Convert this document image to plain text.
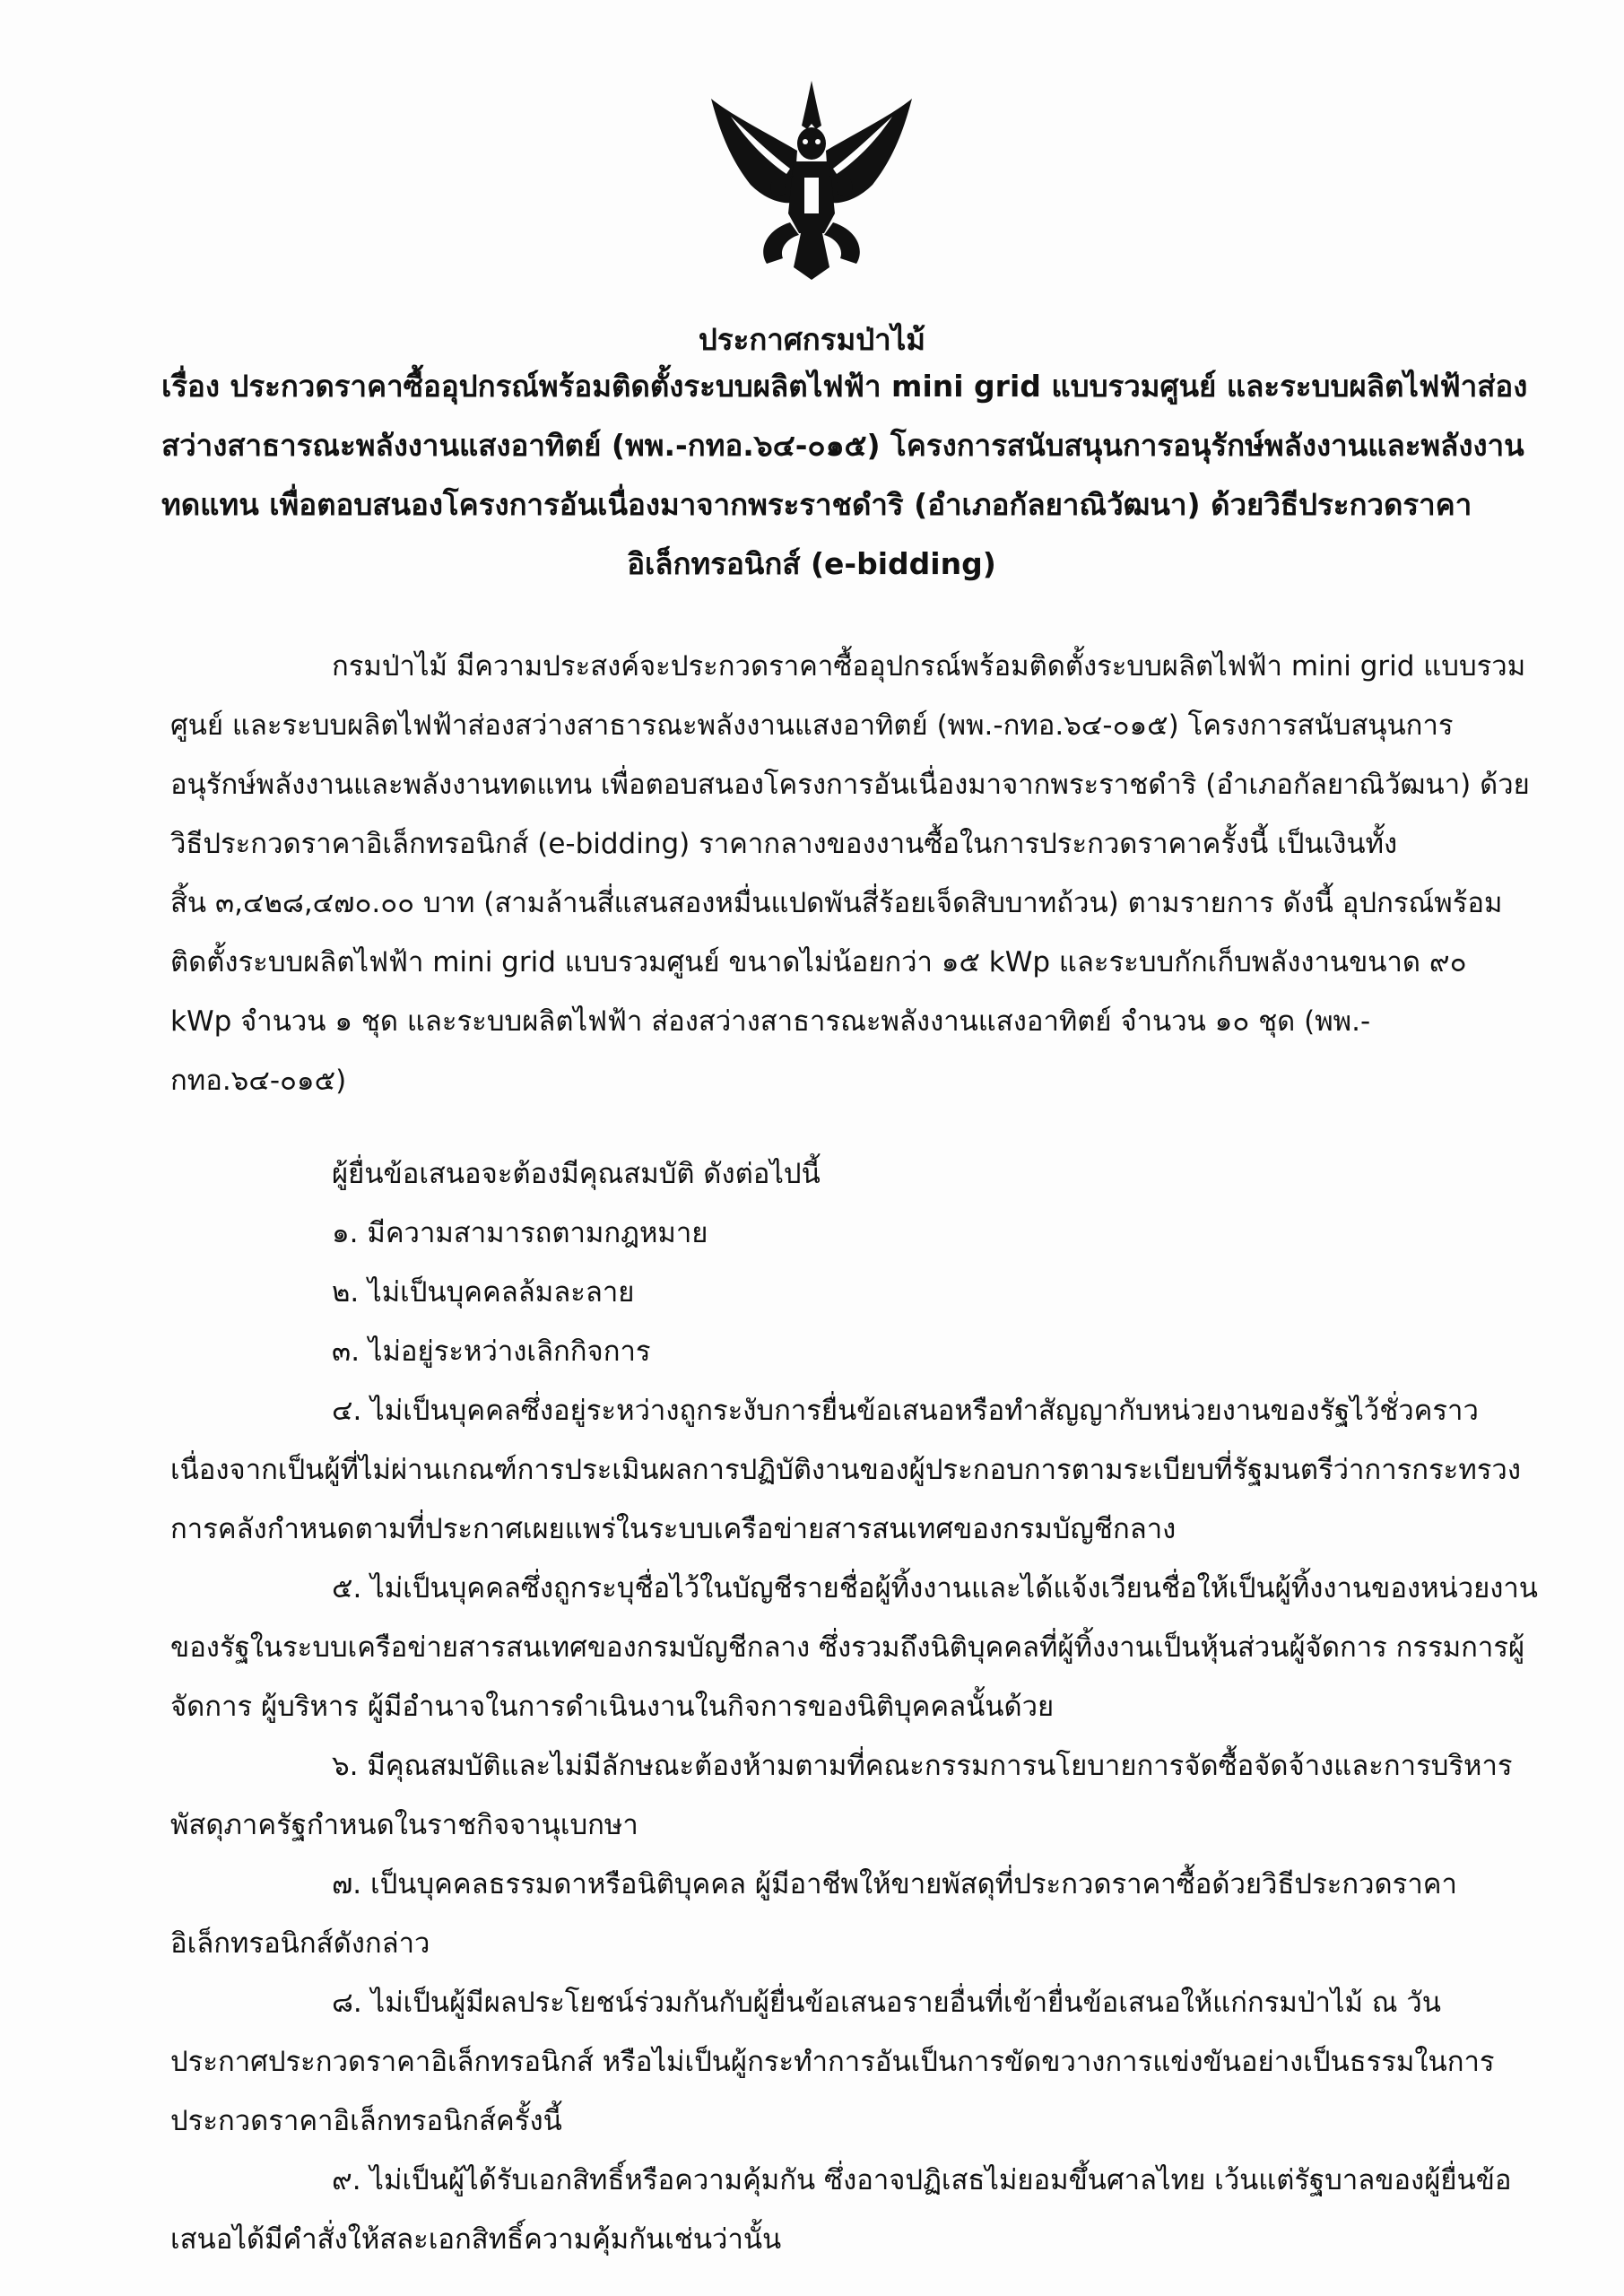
ประกาศกรมป่าไม้
เรื่อง ประกวดราคาซื้ออุปกรณ์พร้อมติดตั้งระบบผลิตไฟฟ้า mini grid แบบรวมศูนย์ และระบบผลิตไฟฟ้าส่อง
สว่างสาธารณะพลังงานแสงอาทิตย์ (พพ.-กทอ.๖๔-๐๑๕) โครงการสนับสนุนการอนุรักษ์พลังงานและพลังงาน
ทดแทน เพื่อตอบสนองโครงการอันเนื่องมาจากพระราชดำริ (อำเภอกัลยาณิวัฒนา) ด้วยวิธีประกวดราคา
อิเล็กทรอนิกส์ (e-bidding)
กรมป่าไม้ มีความประสงค์จะประกวดราคาซื้ออุปกรณ์พร้อมติดตั้งระบบผลิตไฟฟ้า mini grid แบบรวม
ศูนย์ และระบบผลิตไฟฟ้าส่องสว่างสาธารณะพลังงานแสงอาทิตย์ (พพ.-กทอ.๖๔-๐๑๕) โครงการสนับสนุนการ
อนุรักษ์พลังงานและพลังงานทดแทน เพื่อตอบสนองโครงการอันเนื่องมาจากพระราชดำริ (อำเภอกัลยาณิวัฒนา) ด้วย
วิธีประกวดราคาอิเล็กทรอนิกส์ (e-bidding) ราคากลางของงานซื้อในการประกวดราคาครั้งนี้ เป็นเงินทั้ง
สิ้น ๓,๔๒๘,๔๗๐.๐๐ บาท (สามล้านสี่แสนสองหมื่นแปดพันสี่ร้อยเจ็ดสิบบาทถ้วน) ตามรายการ ดังนี้ อุปกรณ์พร้อม
ติดตั้งระบบผลิตไฟฟ้า mini grid แบบรวมศูนย์ ขนาดไม่น้อยกว่า ๑๕ kWp และระบบกักเก็บพลังงานขนาด ๙๐
kWp จำนวน ๑ ชุด และระบบผลิตไฟฟ้า ส่องสว่างสาธารณะพลังงานแสงอาทิตย์ จำนวน ๑๐ ชุด (พพ.-
กทอ.๖๔-๐๑๕)
ผู้ยื่นข้อเสนอจะต้องมีคุณสมบัติ ดังต่อไปนี้
๑. มีความสามารถตามกฎหมาย
๒. ไม่เป็นบุคคลล้มละลาย
๓. ไม่อยู่ระหว่างเลิกกิจการ
๔. ไม่เป็นบุคคลซึ่งอยู่ระหว่างถูกระงับการยื่นข้อเสนอหรือทำสัญญากับหน่วยงานของรัฐไว้ชั่วคราว
เนื่องจากเป็นผู้ที่ไม่ผ่านเกณฑ์การประเมินผลการปฏิบัติงานของผู้ประกอบการตามระเบียบที่รัฐมนตรีว่าการกระทรวง
การคลังกำหนดตามที่ประกาศเผยแพร่ในระบบเครือข่ายสารสนเทศของกรมบัญชีกลาง
๕. ไม่เป็นบุคคลซึ่งถูกระบุชื่อไว้ในบัญชีรายชื่อผู้ทิ้งงานและได้แจ้งเวียนชื่อให้เป็นผู้ทิ้งงานของหน่วยงาน
ของรัฐในระบบเครือข่ายสารสนเทศของกรมบัญชีกลาง ซึ่งรวมถึงนิติบุคคลที่ผู้ทิ้งงานเป็นหุ้นส่วนผู้จัดการ กรรมการผู้
จัดการ ผู้บริหาร ผู้มีอำนาจในการดำเนินงานในกิจการของนิติบุคคลนั้นด้วย
๖. มีคุณสมบัติและไม่มีลักษณะต้องห้ามตามที่คณะกรรมการนโยบายการจัดซื้อจัดจ้างและการบริหาร
พัสดุภาครัฐกำหนดในราชกิจจานุเบกษา
๗. เป็นบุคคลธรรมดาหรือนิติบุคคล ผู้มีอาชีพให้ขายพัสดุที่ประกวดราคาซื้อด้วยวิธีประกวดราคา
อิเล็กทรอนิกส์ดังกล่าว
๘. ไม่เป็นผู้มีผลประโยชน์ร่วมกันกับผู้ยื่นข้อเสนอรายอื่นที่เข้ายื่นข้อเสนอให้แก่กรมป่าไม้ ณ วัน
ประกาศประกวดราคาอิเล็กทรอนิกส์ หรือไม่เป็นผู้กระทำการอันเป็นการขัดขวางการแข่งขันอย่างเป็นธรรมในการ
ประกวดราคาอิเล็กทรอนิกส์ครั้งนี้
๙. ไม่เป็นผู้ได้รับเอกสิทธิ์หรือความคุ้มกัน ซึ่งอาจปฏิเสธไม่ยอมขึ้นศาลไทย เว้นแต่รัฐบาลของผู้ยื่นข้อ
เสนอได้มีคำสั่งให้สละเอกสิทธิ์ความคุ้มกันเช่นว่านั้น
